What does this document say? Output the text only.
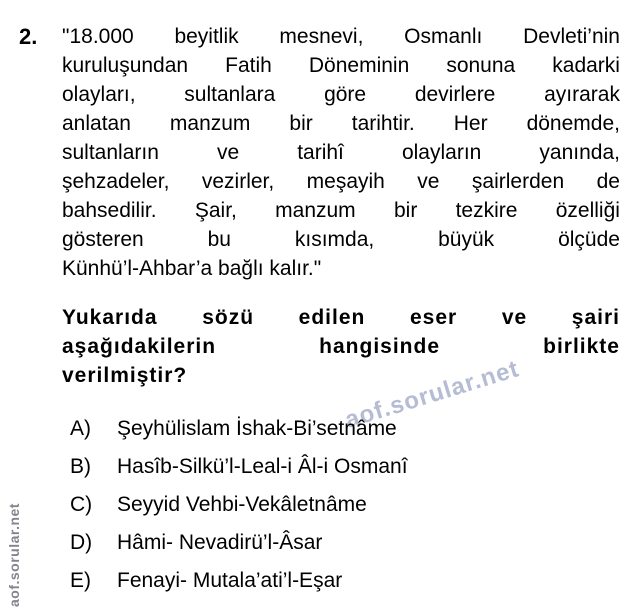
aof.sorular.net
aof.sorular.net
2. "18.000 beyitlik mesnevi, Osmanlı Devleti’nin
kuruluşundan Fatih Döneminin sonuna kadarki
olayları, sultanlara göre devirlere ayırarak
anlatan manzum bir tarihtir. Her dönemde,
sultanların	ve	tarihî	olayların	yanında,
şehzadeler, vezirler, meşayih ve şairlerden de
bahsedilir. Şair, manzum bir tezkire özelliği
gösteren	bu	kısımda,	büyük	ölçüde
Künhü’l-Ahbar’a bağlı kalır."
Yukarıda sözü edilen eser ve şairi
aşağıdakilerin	hangisinde	birlikte
verilmiştir?
A)	Şeyhülislam İshak-Bi’setnâme
B)	Hasîb-Silkü’l-Leal-i Âl-i Osmanî
C)	Seyyid Vehbi-Vekâletnâme
D)	Hâmi- Nevadirü’l-Âsar
E)	Fenayi- Mutala’ati’l-Eşar
